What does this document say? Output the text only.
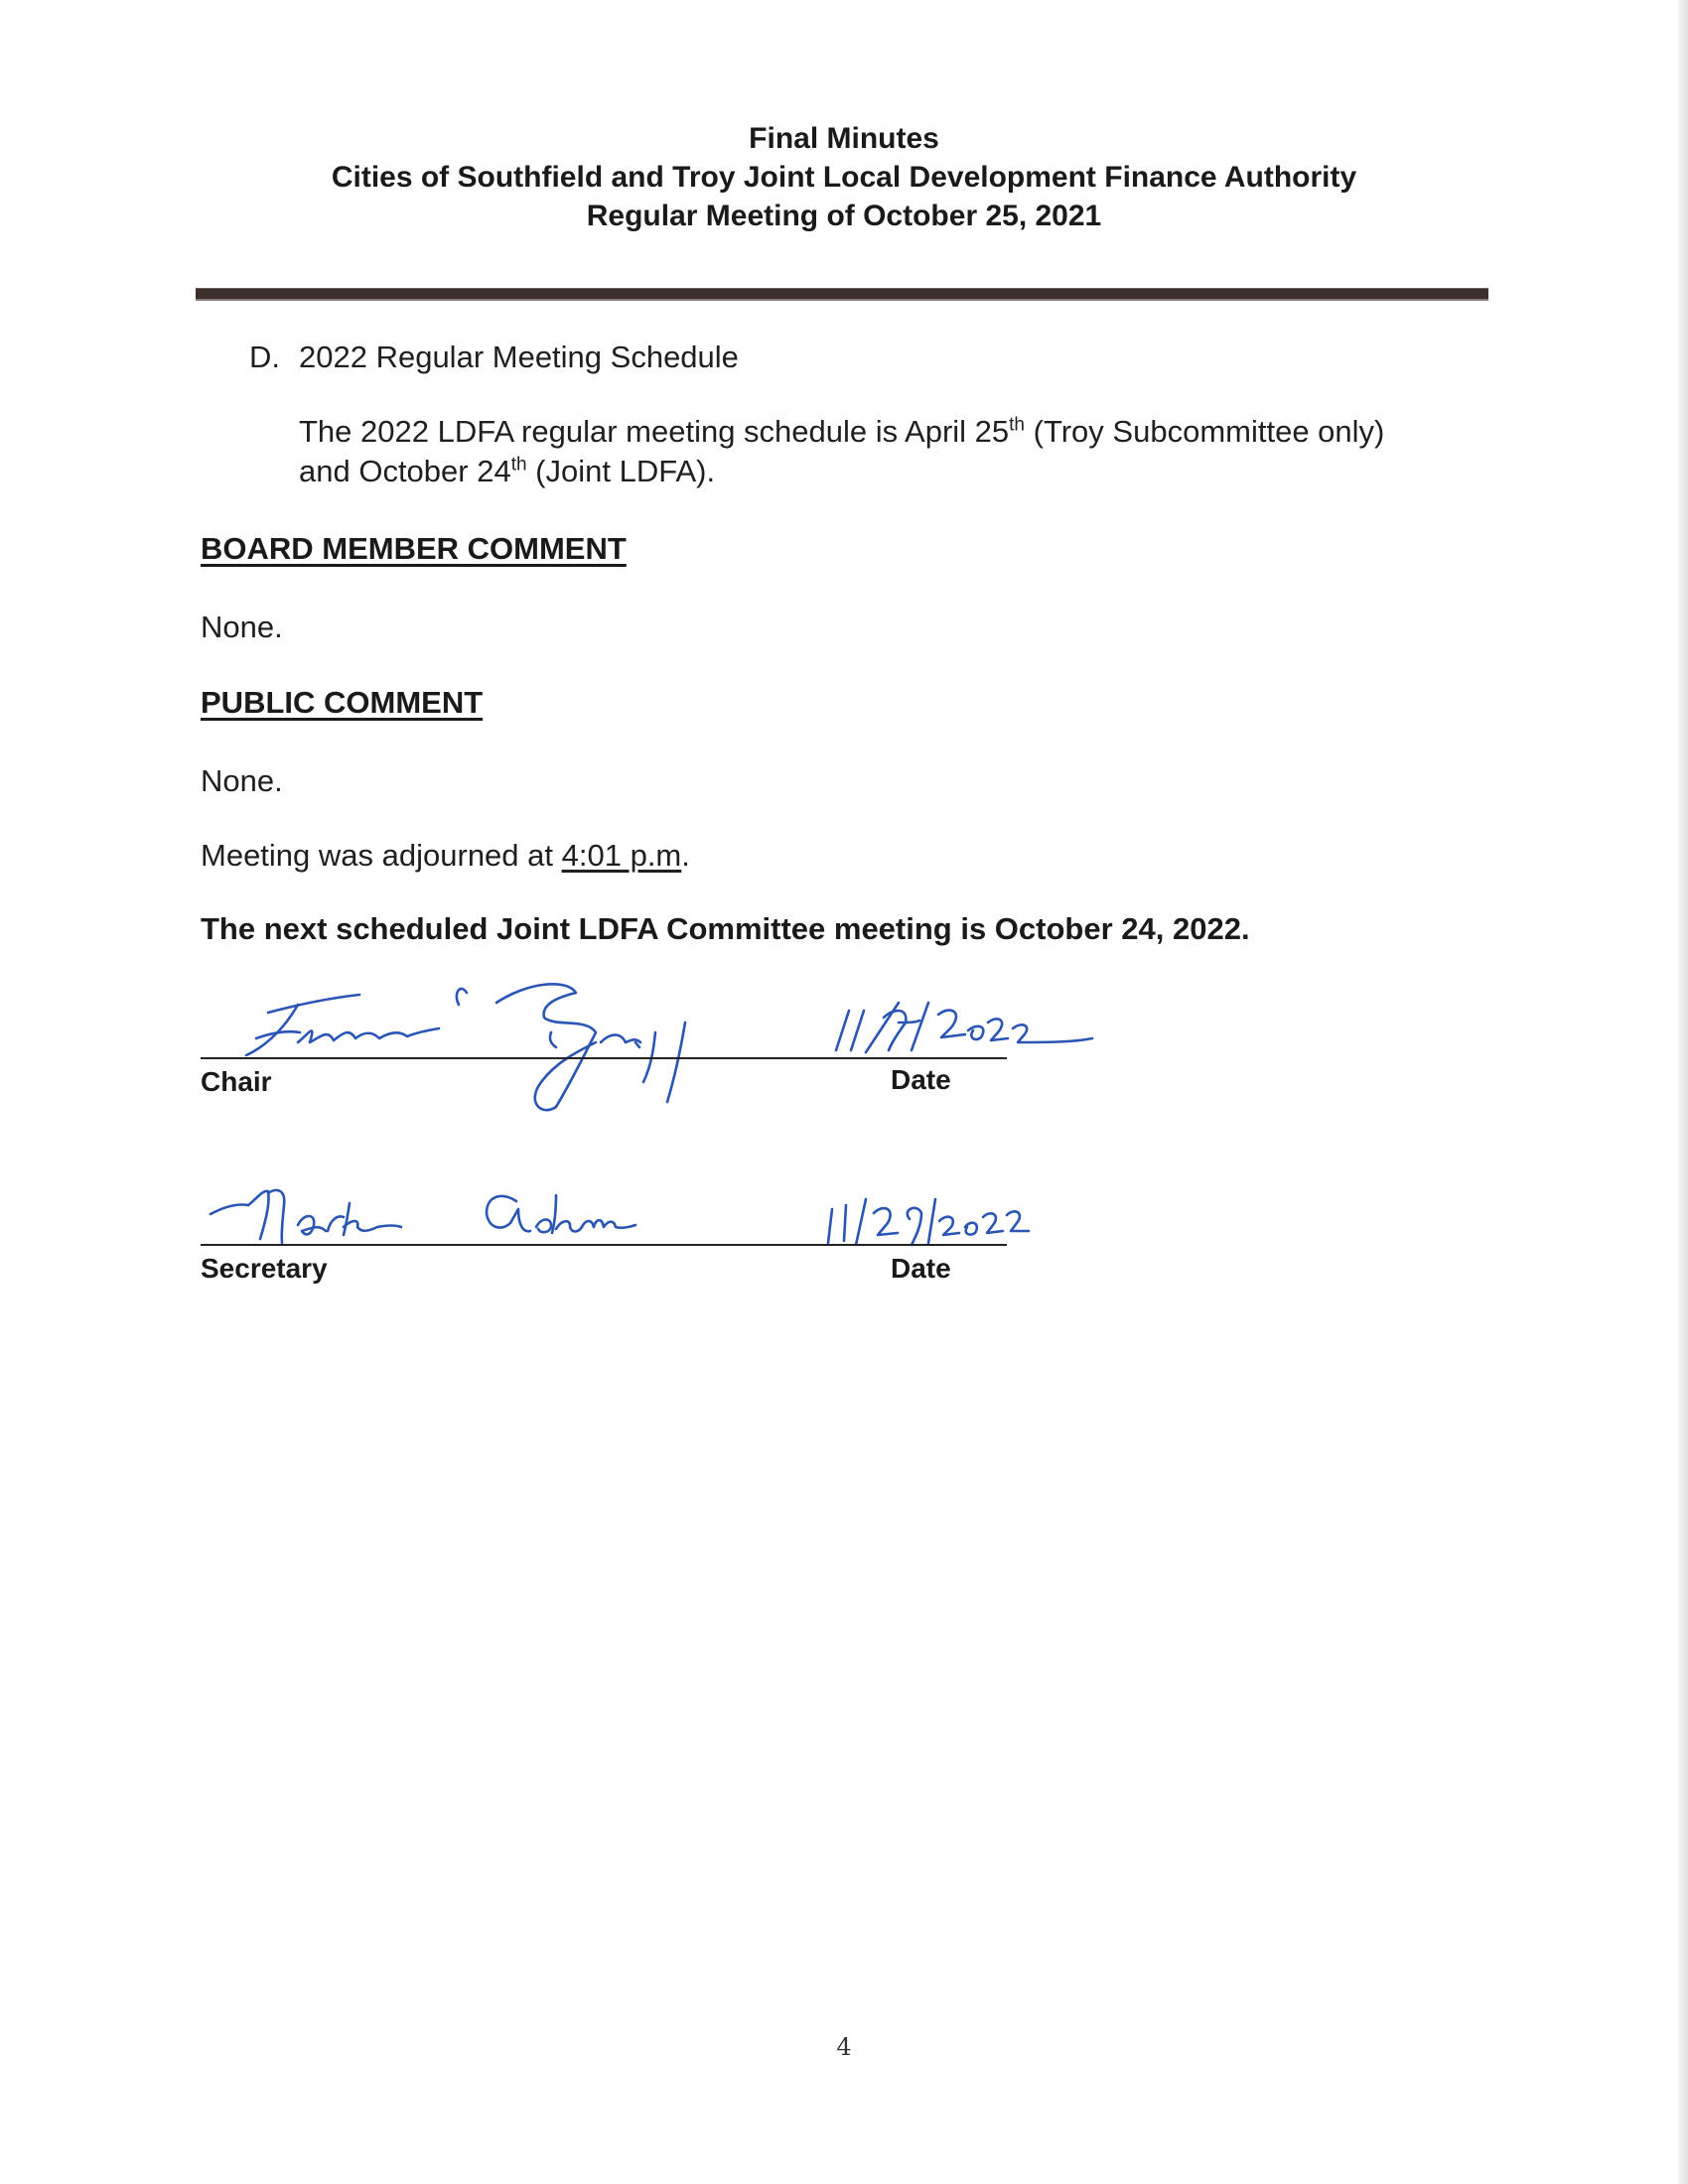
Final Minutes
Cities of Southfield and Troy Joint Local Development Finance Authority
Regular Meeting of October 25, 2021
D. 2022 Regular Meeting Schedule
The 2022 LDFA regular meeting schedule is April 25th (Troy Subcommittee only)
and October 24th (Joint LDFA).
BOARD MEMBER COMMENT
None.
PUBLIC COMMENT
None.
Meeting was adjourned at 4:01 p.m.
The next scheduled Joint LDFA Committee meeting is October 24, 2022.
Chair	Date
Secretary	Date
4
